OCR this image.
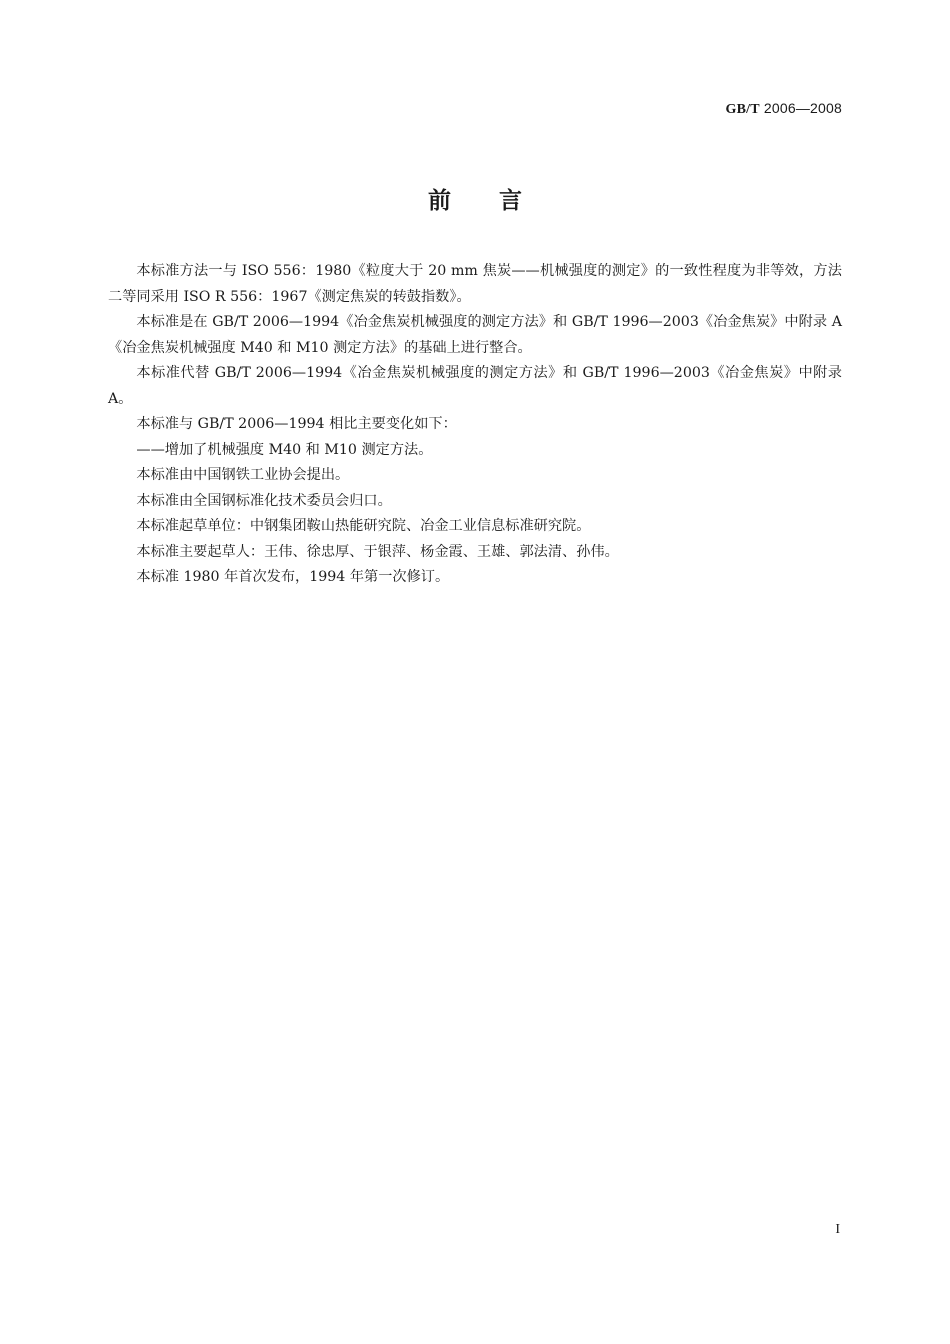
GB/T 2006—2008
前言

本标准方法一与 ISO 556：1980《粒度大于 20 mm 焦炭——机械强度的测定》的一致性程度为非等效，方法二等同采用 ISO R 556：1967《测定焦炭的转鼓指数》。

本标准是在 GB/T 2006—1994《冶金焦炭机械强度的测定方法》和 GB/T 1996—2003《冶金焦炭》中附录 A《冶金焦炭机械强度 M40 和 M10 测定方法》的基础上进行整合。

本标准代替 GB/T 2006—1994《冶金焦炭机械强度的测定方法》和 GB/T 1996—2003《冶金焦炭》中附录 A。

本标准与 GB/T 2006—1994 相比主要变化如下：

——增加了机械强度 M40 和 M10 测定方法。

本标准由中国钢铁工业协会提出。

本标准由全国钢标准化技术委员会归口。

本标准起草单位：中钢集团鞍山热能研究院、冶金工业信息标准研究院。

本标准主要起草人：王伟、徐忠厚、于银萍、杨金霞、王雄、郭法清、孙伟。

本标准 1980 年首次发布，1994 年第一次修订。

I
